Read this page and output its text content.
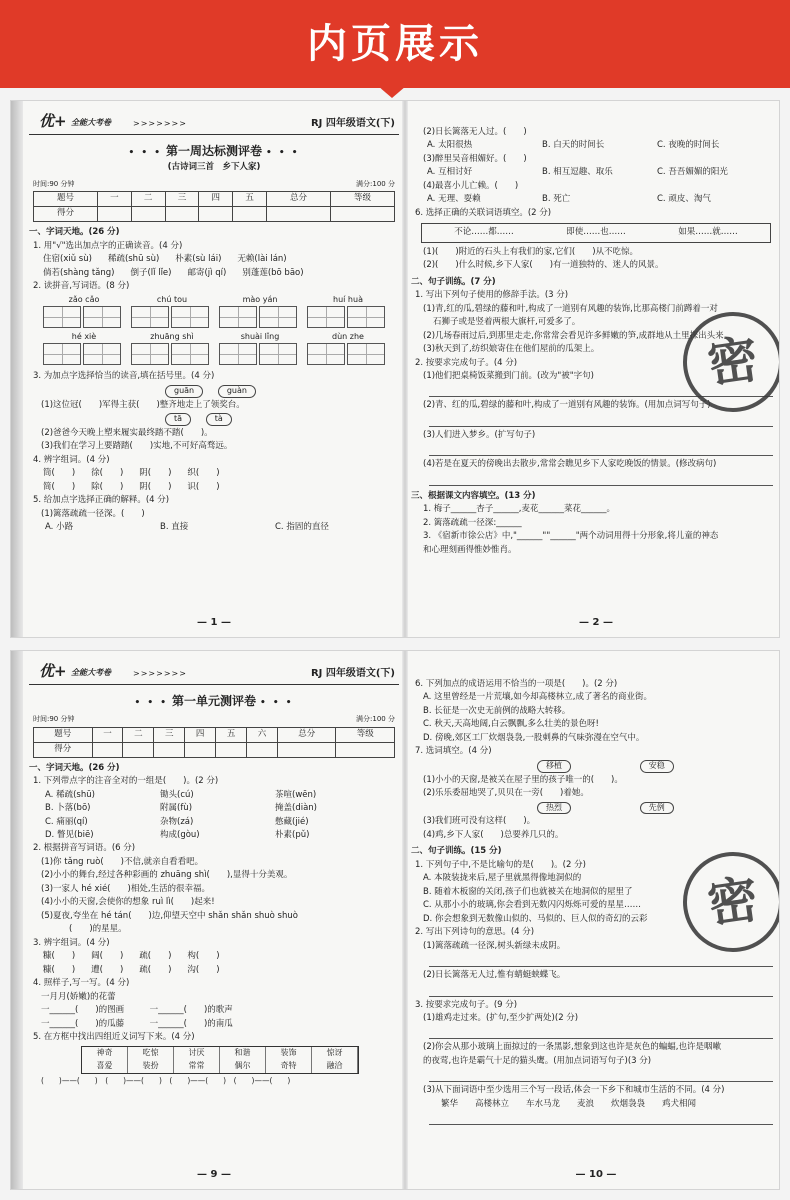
内页展示
优+ 全能大考卷	>>>>>>>	RJ 四年级语文(下)
• • • 第一周达标测评卷 • • •
(古诗词三首　乡下人家)
时间:90 分钟	满分:100 分
题号	一	二	三	四	五	总分	等级
得分							
一、字词天地。(26 分)
1. 用"√"选出加点字的正确读音。(4 分)
住宿(xiǔ sù) 稀疏(shū sù) 朴素(sù lái) 无赖(lài lán)
倘若(shàng tǎng) 倒子(lǐ lǐe) 邮寄(jì qí) 别蓬莲(bō bāo)
2. 读拼音,写词语。(8 分)
zǎo cǎo	chú tou	mào yán	huí huà
hé xiè	zhuāng shì	shuài lǐng	dùn zhe
3. 为加点字选择恰当的读音,填在括号里。(4 分)
guān	guàn
(1)这位冠(　　)军得主获(　　)整齐地走上了领奖台。
tā	tà
(2)爸爸今天晚上塑来履实最终踏不踏(　　)。
(3)我们在学习上要踏踏(　　)实地,不可好高骛远。
4. 辨字组词。(4 分)
筒(　　) 徐(　　) 阴(　　) 织(　　)
简(　　) 除(　　) 阴(　　) 识(　　)
5. 给加点字选择正确的解释。(4 分)
(1)篱落疏疏一径深。(　　)
A. 小路	B. 直接	C. 指固的直径
— 1 —
(2)日长篱落无人过。(　　)
A. 太阳很热	B. 白天的时间长	C. 夜晚的时间长
(3)醉里吴音相媚好。(　　)
A. 互相讨好	B. 相互逗趣、取乐	C. 吾吾媚媚的阳光
(4)最喜小儿亡赖。(　　)
A. 无理、耍赖	B. 死亡	C. 顽皮、淘气
6. 选择正确的关联词语填空。(2 分)
不论……都……	即使……也……	如果……就……
(1)(　　)附近的石头上有我们的家,它们(　　)从不吃惊。
(2)(　　)什么时候,乡下人家(　　)有一道独特的、迷人的风景。
二、句子训练。(7 分)
1. 写出下列句子使用的修辞手法。(3 分)
(1)青,红的瓜,碧绿的藤和叶,构成了一道别有风趣的装饰,比那高楼门前蹲着一对
石狮子或是竖着两根大旗杆,可爱多了。
(2)几场春雨过后,到那里走走,你常常会看见许多鲜嫩的笋,成群地从土里探出头来。
(3)秋天到了,纺织娘寄住在他们屋前的瓜架上。
2. 按要求完成句子。(4 分)
(1)他们把桌椅饭菜搬到门前。(改为"被"字句)
(2)青、红的瓜,碧绿的藤和叶,构成了一道别有风趣的装饰。(用加点词写句子)
(3)人们进入梦乡。(扩写句子)
(4)若是在夏天的傍晚出去散步,常常会瞧见乡下人家吃晚饭的情景。(修改病句)
三、根据课文内容填空。(13 分)
1. 梅子______杏子______,麦花______菜花______。
2. 篱落疏疏一径深:______
3. 《宿新市徐公店》中,"______""______"两个动词用得十分形象,将儿童的神态
和心理刻画得惟妙惟肖。
— 2 —
密
优+ 全能大考卷	>>>>>>>	RJ 四年级语文(下)
• • • 第一单元测评卷 • • •
时间:90 分钟	满分:100 分
题号	一	二	三	四	五	六	总分	等级
得分								
一、字词天地。(26 分)
1. 下列带点字的注音全对的一组是(　　)。(2 分)
A. 稀疏(shū)	锄头(cú)	茶喧(wēn)
B. 卜落(bō)	附属(fù)	掩盖(diàn)
C. 痛丽(qí)	杂物(zá)	憋藏(jié)
D. 瞥见(biē)	构成(gòu)	朴素(pǔ)
2. 根据拼音写词语。(6 分)
(1)你 tǎng ruò(　　)不信,就亲自看看吧。
(2)小小的舞台,经过各种彩画的 zhuāng shì(　　),显得十分美观。
(3)一家人 hé xié(　　)相处,生活的很幸福。
(4)小小的天窗,会使你的想象 ruì lì(　　)起来!
(5)夏夜,夸坐在 hé tán(　　)边,仰望天空中 shǎn shǎn shuò shuò
(　　)的星星。
3. 辨字组词。(4 分)
糠(　　) 阔(　　) 疏(　　) 构(　　)
糠(　　) 遭(　　) 疏(　　) 沟(　　)
4. 照样子,写一写。(4 分)
一月月(娇嫩)的花蕾
一______(　　)的图画　　　一______(　　)的歌声
一______(　　)的瓜藤　　　一______(　　)的南瓜
5. 在方框中找出四组近义词写下来。(4 分)
神奇	吃惊	讨厌	和谐	装饰	惊讶
喜爱	装扮	常常	偶尔	奇特	融洽
(　　)——(　　)　(　　)——(　　)　(　　)——(　　)　(　　)——(　　)
— 9 —
6. 下列加点的成语运用不恰当的一项是(　　)。(2 分)
A. 这里曾经是一片荒壤,如今却高楼林立,成了著名的商业街。
B. 长征是一次史无前例的战略大转移。
C. 秋天,天高地阔,白云飘飘,多么壮美的景色呀!
D. 傍晚,郊区工厂炊烟袅袅,一股刺鼻的气味弥漫在空气中。
7. 选词填空。(4 分)
移植	安稳
(1)小小的天窗,是被关在屋子里的孩子唯一的(　　)。
(2)乐乐委屈地哭了,贝贝在一旁(　　)着她。
热烈	先例
(3)我们班可没有这样(　　)。
(4)鸡,乡下人家(　　)总要养几只的。
二、句子训练。(15 分)
1. 下列句子中,不是比喻句的是(　　)。(2 分)
A. 本陂装拢来后,屋子里就黑得像地洞似的
B. 随着木板窗的关闭,孩子们也就被关在地洞似的屋里了
C. 从那小小的玻璃,你会看到无数闪闪烁烁可爱的星星……
D. 你会想象到无数像山似的、马似的、巨人似的奇幻的云彩
2. 写出下列诗句的意思。(4 分)
(1)篱落疏疏一径深,树头新绿未成阴。
(2)日长篱落无人过,惟有蜻蜓蛱蝶飞。
3. 按要求完成句子。(9 分)
(1)雄鸡走过来。(扩句,至少扩两处)(2 分)
(2)你会从那小玻璃上面掠过的一条黑影,想象到这也许是灰色的蝙蝠,也许是咽嗽
的夜莺,也许是霸气十足的猫头鹰。(用加点词语写句子)(3 分)
(3)从下面词语中至少选用三个写一段话,体会一下乡下和城市生活的不同。(4 分)
繁华　　高楼林立　　车水马龙　　麦浪　　炊烟袅袅　　鸡犬相闻
— 10 —
密
